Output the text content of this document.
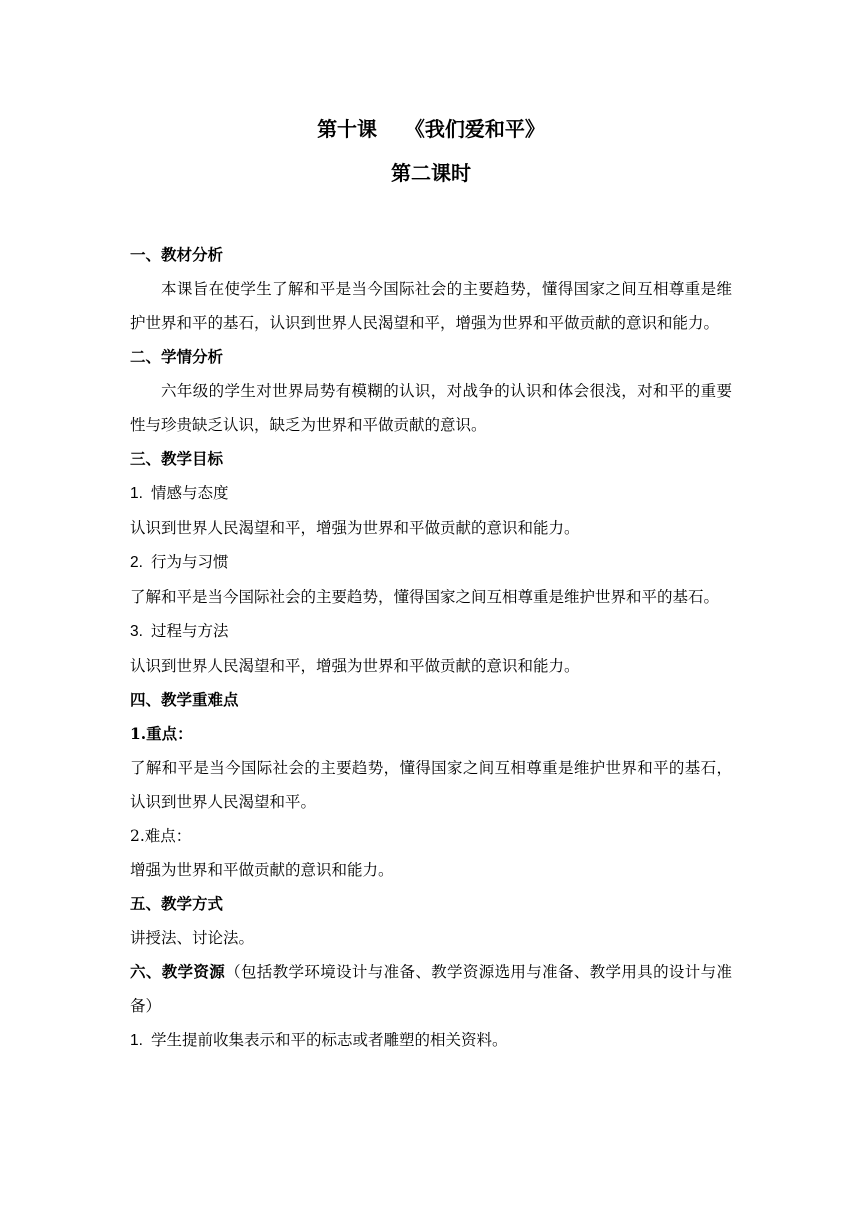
第十课    《我们爱和平》

第二课时

一、教材分析

本课旨在使学生了解和平是当今国际社会的主要趋势，懂得国家之间互相尊重是维护世界和平的基石，认识到世界人民渴望和平，增强为世界和平做贡献的意识和能力。

二、学情分析

六年级的学生对世界局势有模糊的认识，对战争的认识和体会很浅，对和平的重要性与珍贵缺乏认识，缺乏为世界和平做贡献的意识。

三、教学目标

1. 情感与态度

认识到世界人民渴望和平，增强为世界和平做贡献的意识和能力。

2. 行为与习惯

了解和平是当今国际社会的主要趋势，懂得国家之间互相尊重是维护世界和平的基石。

3. 过程与方法

认识到世界人民渴望和平，增强为世界和平做贡献的意识和能力。

四、教学重难点

1.重点：

了解和平是当今国际社会的主要趋势，懂得国家之间互相尊重是维护世界和平的基石，认识到世界人民渴望和平。

2.难点：

增强为世界和平做贡献的意识和能力。

五、教学方式

讲授法、讨论法。

六、教学资源（包括教学环境设计与准备、教学资源选用与准备、教学用具的设计与准备）

1. 学生提前收集表示和平的标志或者雕塑的相关资料。
